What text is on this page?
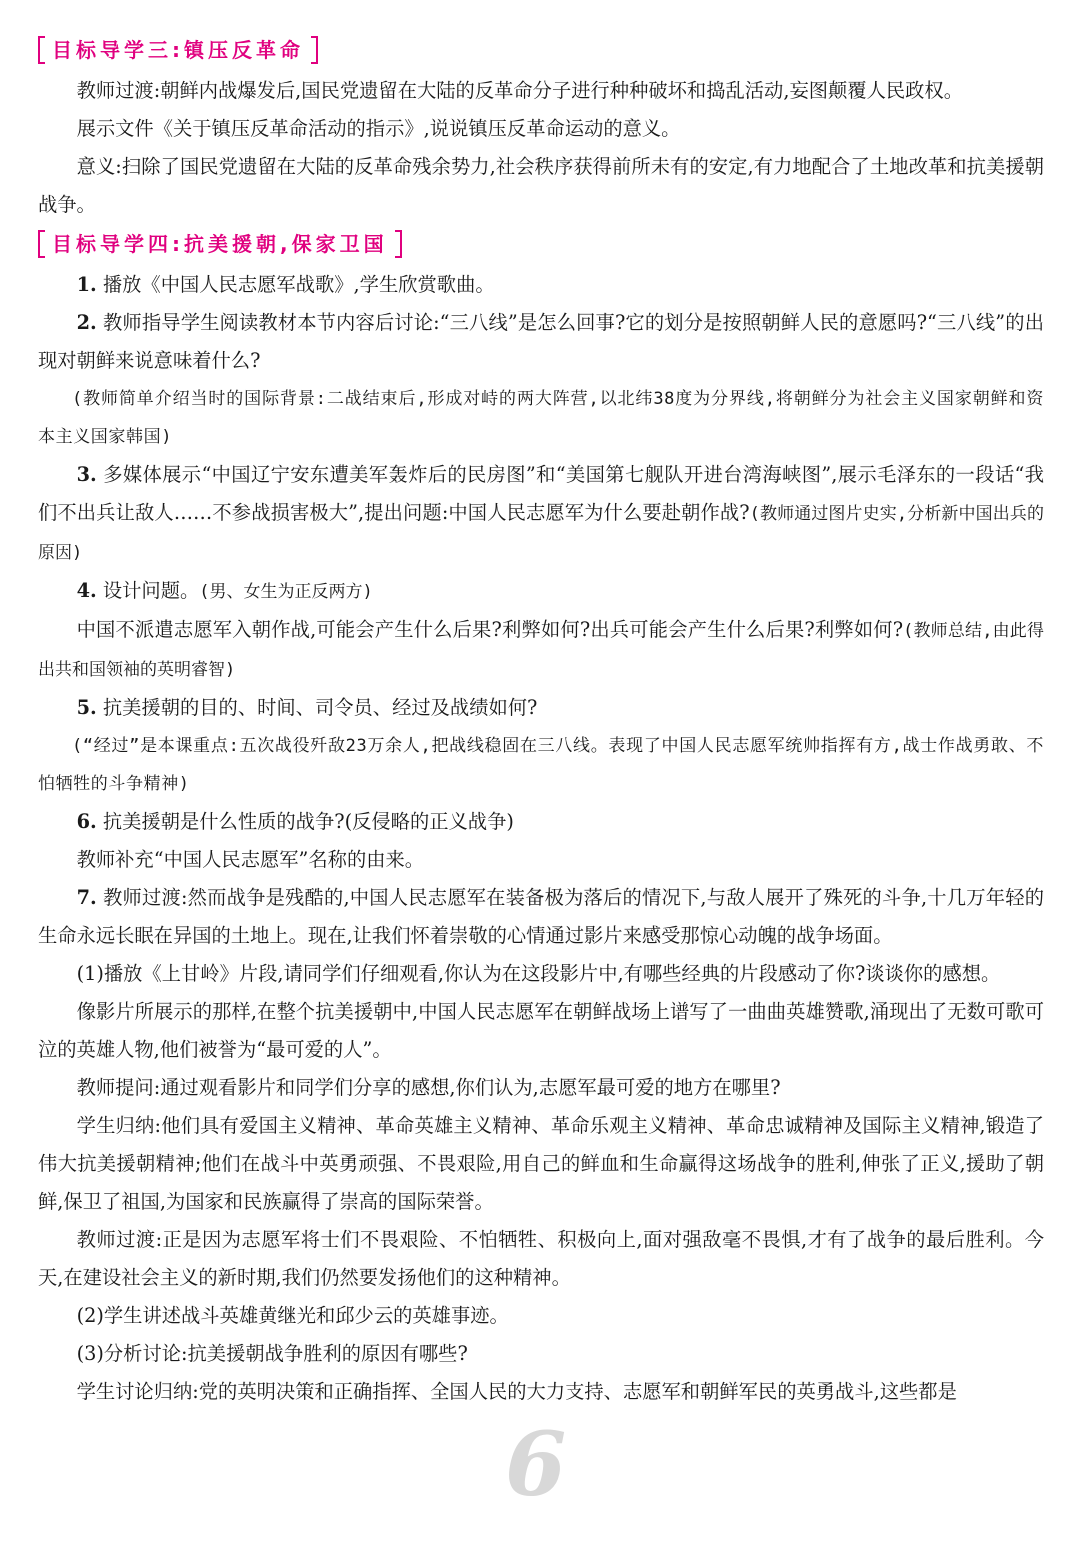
6
目标导学三:镇压反革命

教师过渡:朝鲜内战爆发后,国民党遗留在大陆的反革命分子进行种种破坏和捣乱活动,妄图颠覆人民政权。

展示文件《关于镇压反革命活动的指示》,说说镇压反革命运动的意义。

意义:扫除了国民党遗留在大陆的反革命残余势力,社会秩序获得前所未有的安定,有力地配合了土地改革和抗美援朝战争。

目标导学四:抗美援朝,保家卫国

1. 播放《中国人民志愿军战歌》,学生欣赏歌曲。

2. 教师指导学生阅读教材本节内容后讨论:“三八线”是怎么回事?它的划分是按照朝鲜人民的意愿吗?“三八线”的出现对朝鲜来说意味着什么?

(教师简单介绍当时的国际背景:二战结束后,形成对峙的两大阵营,以北纬38度为分界线,将朝鲜分为社会主义国家朝鲜和资本主义国家韩国)

3. 多媒体展示“中国辽宁安东遭美军轰炸后的民房图”和“美国第七舰队开进台湾海峡图”,展示毛泽东的一段话“我们不出兵让敌人……不参战损害极大”,提出问题:中国人民志愿军为什么要赴朝作战?(教师通过图片史实,分析新中国出兵的原因)

4. 设计问题。(男、女生为正反两方)

中国不派遣志愿军入朝作战,可能会产生什么后果?利弊如何?出兵可能会产生什么后果?利弊如何?(教师总结,由此得出共和国领袖的英明睿智)

5. 抗美援朝的目的、时间、司令员、经过及战绩如何?

(“经过”是本课重点:五次战役歼敌23万余人,把战线稳固在三八线。表现了中国人民志愿军统帅指挥有方,战士作战勇敢、不怕牺牲的斗争精神)

6. 抗美援朝是什么性质的战争?(反侵略的正义战争)

教师补充“中国人民志愿军”名称的由来。

7. 教师过渡:然而战争是残酷的,中国人民志愿军在装备极为落后的情况下,与敌人展开了殊死的斗争,十几万年轻的生命永远长眠在异国的土地上。现在,让我们怀着崇敬的心情通过影片来感受那惊心动魄的战争场面。

(1)播放《上甘岭》片段,请同学们仔细观看,你认为在这段影片中,有哪些经典的片段感动了你?谈谈你的感想。

像影片所展示的那样,在整个抗美援朝中,中国人民志愿军在朝鲜战场上谱写了一曲曲英雄赞歌,涌现出了无数可歌可泣的英雄人物,他们被誉为“最可爱的人”。

教师提问:通过观看影片和同学们分享的感想,你们认为,志愿军最可爱的地方在哪里?

学生归纳:他们具有爱国主义精神、革命英雄主义精神、革命乐观主义精神、革命忠诚精神及国际主义精神,锻造了伟大抗美援朝精神;他们在战斗中英勇顽强、不畏艰险,用自己的鲜血和生命赢得这场战争的胜利,伸张了正义,援助了朝鲜,保卫了祖国,为国家和民族赢得了崇高的国际荣誉。

教师过渡:正是因为志愿军将士们不畏艰险、不怕牺牲、积极向上,面对强敌毫不畏惧,才有了战争的最后胜利。今天,在建设社会主义的新时期,我们仍然要发扬他们的这种精神。

(2)学生讲述战斗英雄黄继光和邱少云的英雄事迹。

(3)分析讨论:抗美援朝战争胜利的原因有哪些?

学生讨论归纳:党的英明决策和正确指挥、全国人民的大力支持、志愿军和朝鲜军民的英勇战斗,这些都是
